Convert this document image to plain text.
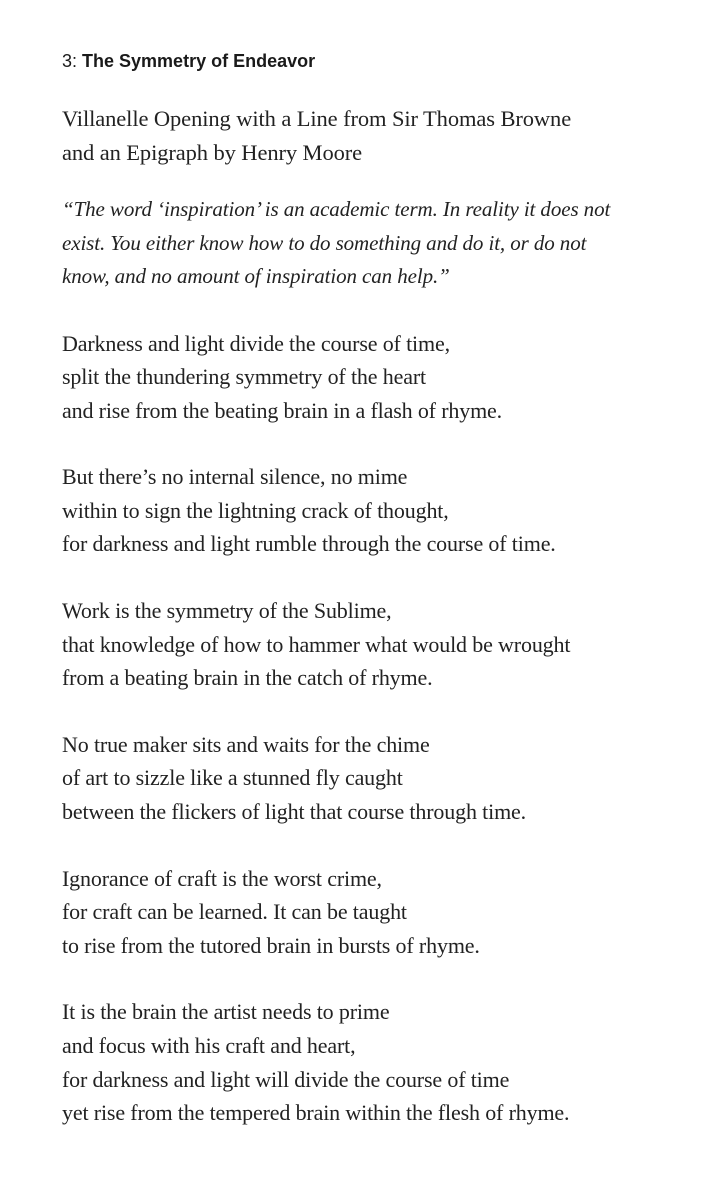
3: The Symmetry of Endeavor
Villanelle Opening with a Line from Sir Thomas Browne
and an Epigraph by Henry Moore
“The word ‘inspiration’ is an academic term. In reality it does not
exist. You either know how to do something and do it, or do not
know, and no amount of inspiration can help.”
Darkness and light divide the course of time,
split the thundering symmetry of the heart
and rise from the beating brain in a flash of rhyme.
But there’s no internal silence, no mime
within to sign the lightning crack of thought,
for darkness and light rumble through the course of time.
Work is the symmetry of the Sublime,
that knowledge of how to hammer what would be wrought
from a beating brain in the catch of rhyme.
No true maker sits and waits for the chime
of art to sizzle like a stunned fly caught
between the flickers of light that course through time.
Ignorance of craft is the worst crime,
for craft can be learned. It can be taught
to rise from the tutored brain in bursts of rhyme.
It is the brain the artist needs to prime
and focus with his craft and heart,
for darkness and light will divide the course of time
yet rise from the tempered brain within the flesh of rhyme.
